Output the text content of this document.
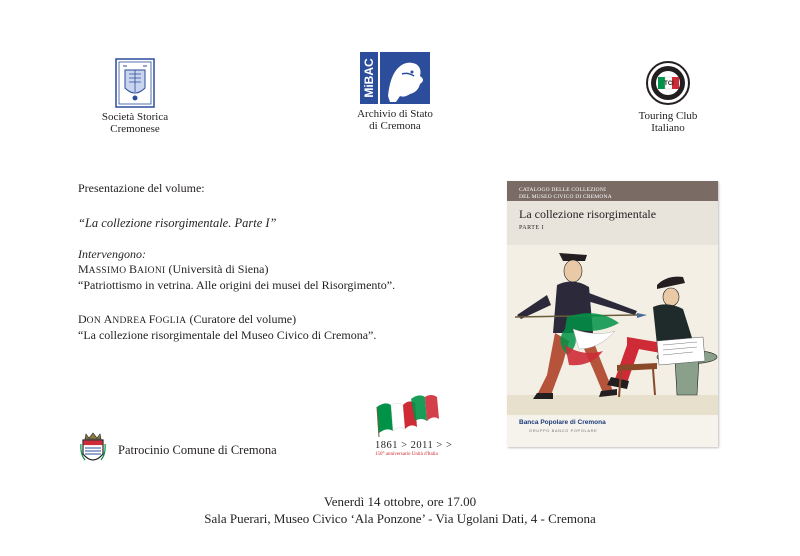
Società Storica
Cremonese
MiBAC
Archivio di Stato
di Cremona
TCI
Touring Club
Italiano
Presentazione del volume:
“La collezione risorgimentale. Parte I”
Intervengono:
MASSIMO BAIONI (Università di Siena)
“Patriottismo in vetrina. Alle origini dei musei del Risorgimento”.
DON ANDREA FOGLIA (Curatore del volume)
“La collezione risorgimentale del Museo Civico di Cremona”.
Patrocinio Comune di Cremona	1861 > 2011 > >
150° anniversario Unità d'Italia
CATALOGO DELLE COLLEZIONI
DEL MUSEO CIVICO DI CREMONA
La collezione risorgimentale
PARTE I
Banca Popolare di Cremona
GRUPPO BANCO POPOLARE
Venerdì 14 ottobre, ore 17.00
Sala Puerari, Museo Civico ‘Ala Ponzone’ - Via Ugolani Dati, 4 - Cremona
